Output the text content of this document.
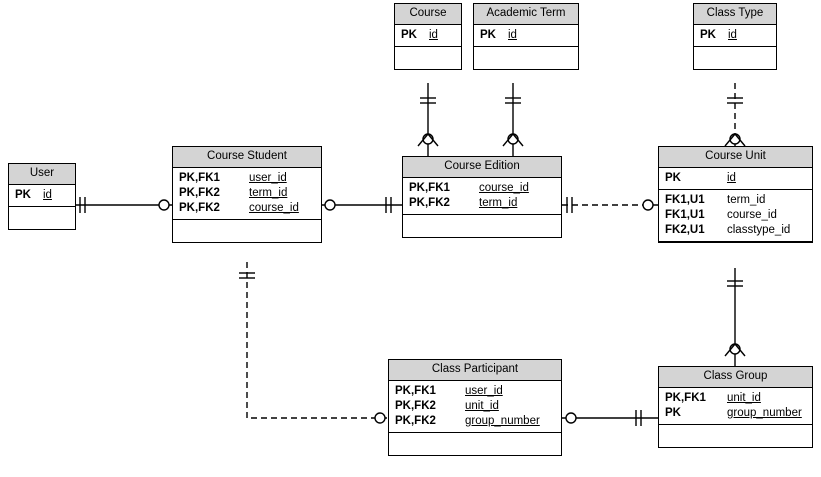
User
PK	id
Course Student
PK,FK1	user_id
PK,FK2	term_id
PK,FK2	course_id
Course
PK	id
Academic Term
PK	id
Course Edition
PK,FK1	course_id
PK,FK2	term_id
Class Type
PK	id
Course Unit
PK	id
FK1,U1	term_id
FK1,U1	course_id
FK2,U1	classtype_id
Class Participant
PK,FK1	user_id
PK,FK2	unit_id
PK,FK2	group_number
Class Group
PK,FK1	unit_id
PK	group_number
